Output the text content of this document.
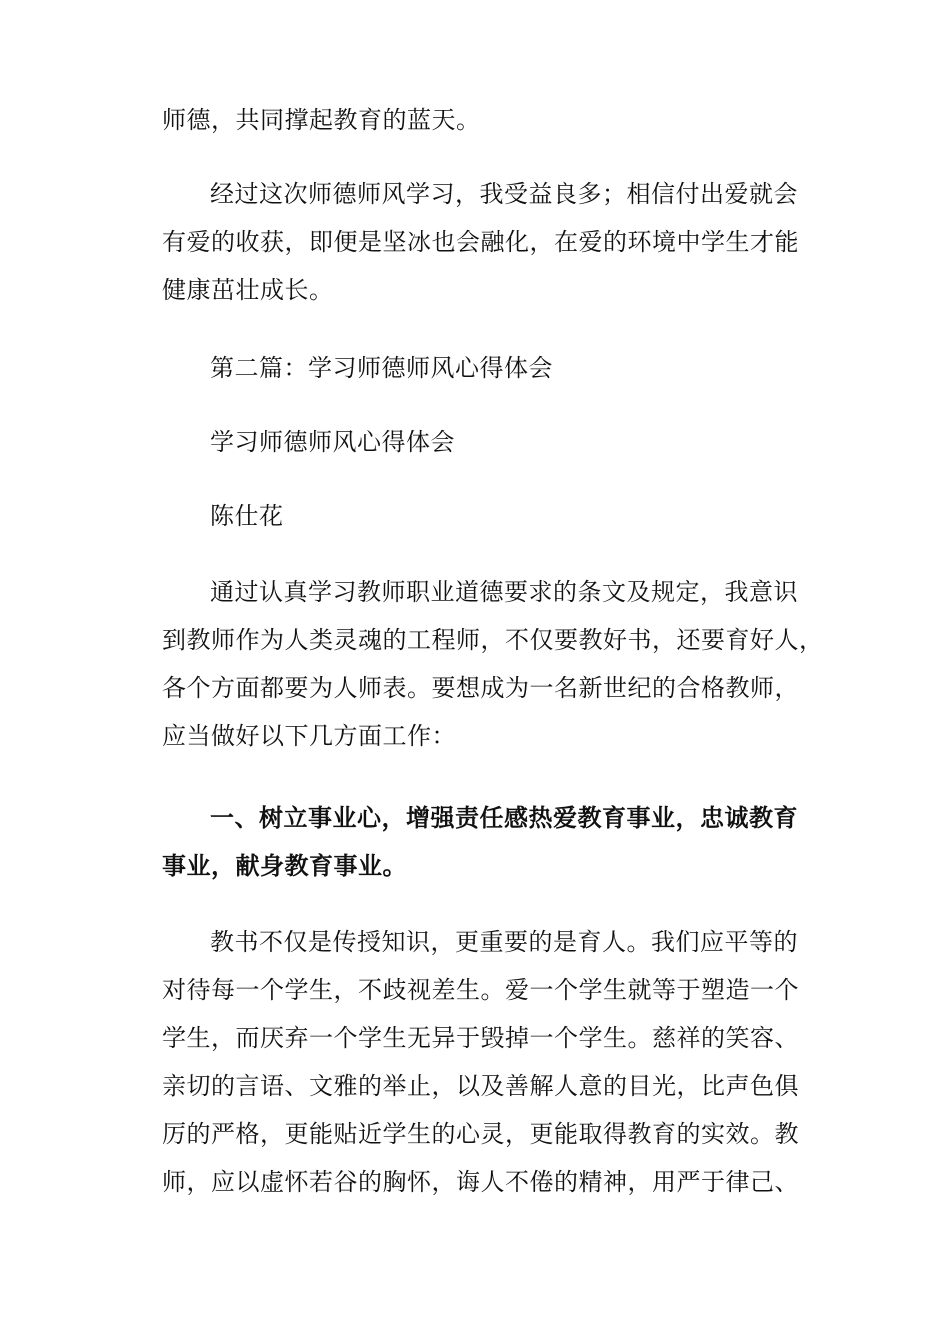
师德，共同撑起教育的蓝天。
经过这次师德师风学习，我受益良多；相信付出爱就会
有爱的收获，即便是坚冰也会融化，在爱的环境中学生才能
健康茁壮成长。
第二篇：学习师德师风心得体会
学习师德师风心得体会
陈仕花
通过认真学习教师职业道德要求的条文及规定，我意识
到教师作为人类灵魂的工程师，不仅要教好书，还要育好人，
各个方面都要为人师表。要想成为一名新世纪的合格教师，
应当做好以下几方面工作：
一、树立事业心，增强责任感热爱教育事业，忠诚教育
事业，献身教育事业。
教书不仅是传授知识，更重要的是育人。我们应平等的
对待每一个学生，不歧视差生。爱一个学生就等于塑造一个
学生，而厌弃一个学生无异于毁掉一个学生。慈祥的笑容、
亲切的言语、文雅的举止，以及善解人意的目光，比声色俱
厉的严格，更能贴近学生的心灵，更能取得教育的实效。教
师，应以虚怀若谷的胸怀，诲人不倦的精神，用严于律己、
